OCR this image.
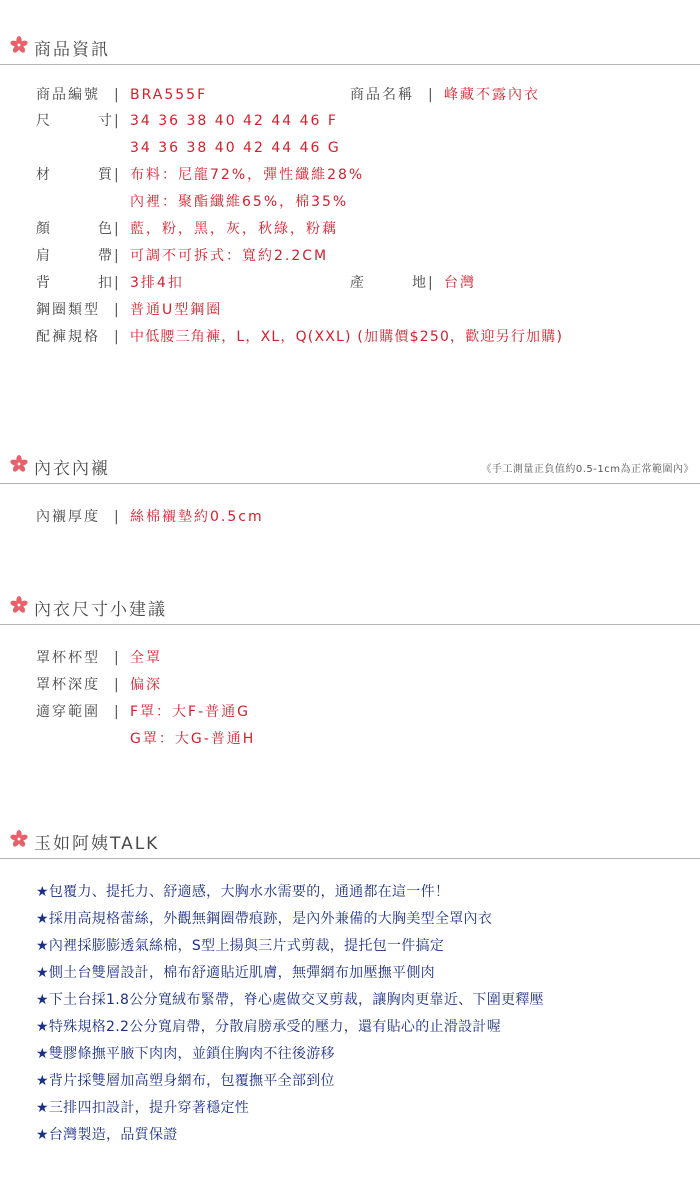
商品資訊
商品編號 | BRA555F	商品名稱 | 峰藏不露內衣
尺	寸 | 34 36 38 40 42 44 46 F
34 36 38 40 42 44 46 G
材	質 | 布料：尼龍72%，彈性纖維28%
內裡：聚酯纖維65%，棉35%
顏	色 | 藍，粉，黑，灰，秋綠，粉藕
肩	帶 | 可調不可拆式：寬約2.2CM
背	扣 | 3排4扣	產	地 | 台灣
鋼圈類型 | 普通U型鋼圈
配褲規格 | 中低腰三角褲，L，XL，Q(XXL) (加購價$250，歡迎另行加購)
內衣內襯	《手工測量正負值約0.5-1cm為正常範圍內》
內襯厚度 | 絲棉襯墊約0.5cm
內衣尺寸小建議
罩杯杯型 | 全罩
罩杯深度 | 偏深
適穿範圍 | F罩：大F-普通G
G罩：大G-普通H
玉如阿姨TALK
★包覆力、提托力、舒適感，大胸水水需要的，通通都在這一件！
★採用高規格蕾絲，外觀無鋼圈帶痕跡，是內外兼備的大胸美型全罩內衣
★內裡採膨膨透氣絲棉，S型上揚與三片式剪裁，提托包一件搞定
★側土台雙層設計，棉布舒適貼近肌膚，無彈網布加壓撫平側肉
★下土台採1.8公分寬絨布緊帶，脊心處做交叉剪裁，讓胸肉更靠近、下圍更釋壓
★特殊規格2.2公分寬肩帶，分散肩膀承受的壓力，還有貼心的止滑設計喔
★雙膠條撫平腋下肉肉，並鎖住胸肉不往後游移
★背片採雙層加高塑身網布，包覆撫平全部到位
★三排四扣設計，提升穿著穩定性
★台灣製造，品質保證
